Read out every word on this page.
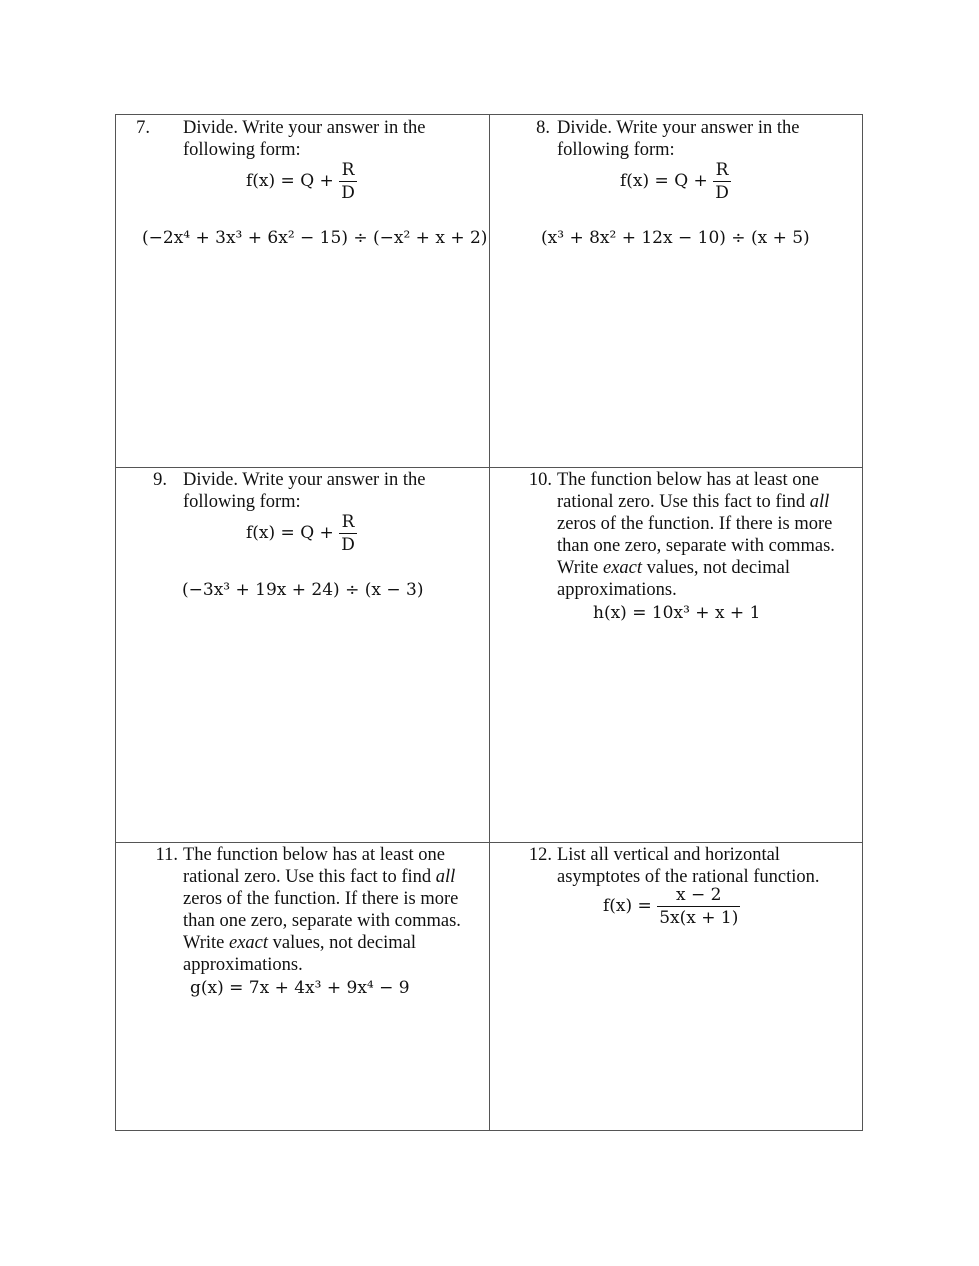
7. Divide. Write your answer in the
following form:
$f(x) = Q + \frac{R}{D}$
(−2x⁴ + 3x³ + 6x² − 15) ÷ (−x² + x + 2)
8. Divide. Write your answer in the
following form:
$f(x) = Q + \frac{R}{D}$
(x³ + 8x² + 12x − 10) ÷ (x + 5)
9. Divide. Write your answer in the
following form:
$f(x) = Q + \frac{R}{D}$
(−3x³ + 19x + 24) ÷ (x − 3)
10. The function below has at least one
rational zero. Use this fact to find all
zeros of the function. If there is more
than one zero, separate with commas.
Write exact values, not decimal
approximations.
h(x) = 10x³ + x + 1
11. The function below has at least one
rational zero. Use this fact to find all
zeros of the function. If there is more
than one zero, separate with commas.
Write exact values, not decimal
approximations.
g(x) = 7x + 4x³ + 9x⁴ − 9
12. List all vertical and horizontal
asymptotes of the rational function.
$f(x) = \frac{x - 2}{5x(x + 1)}$
